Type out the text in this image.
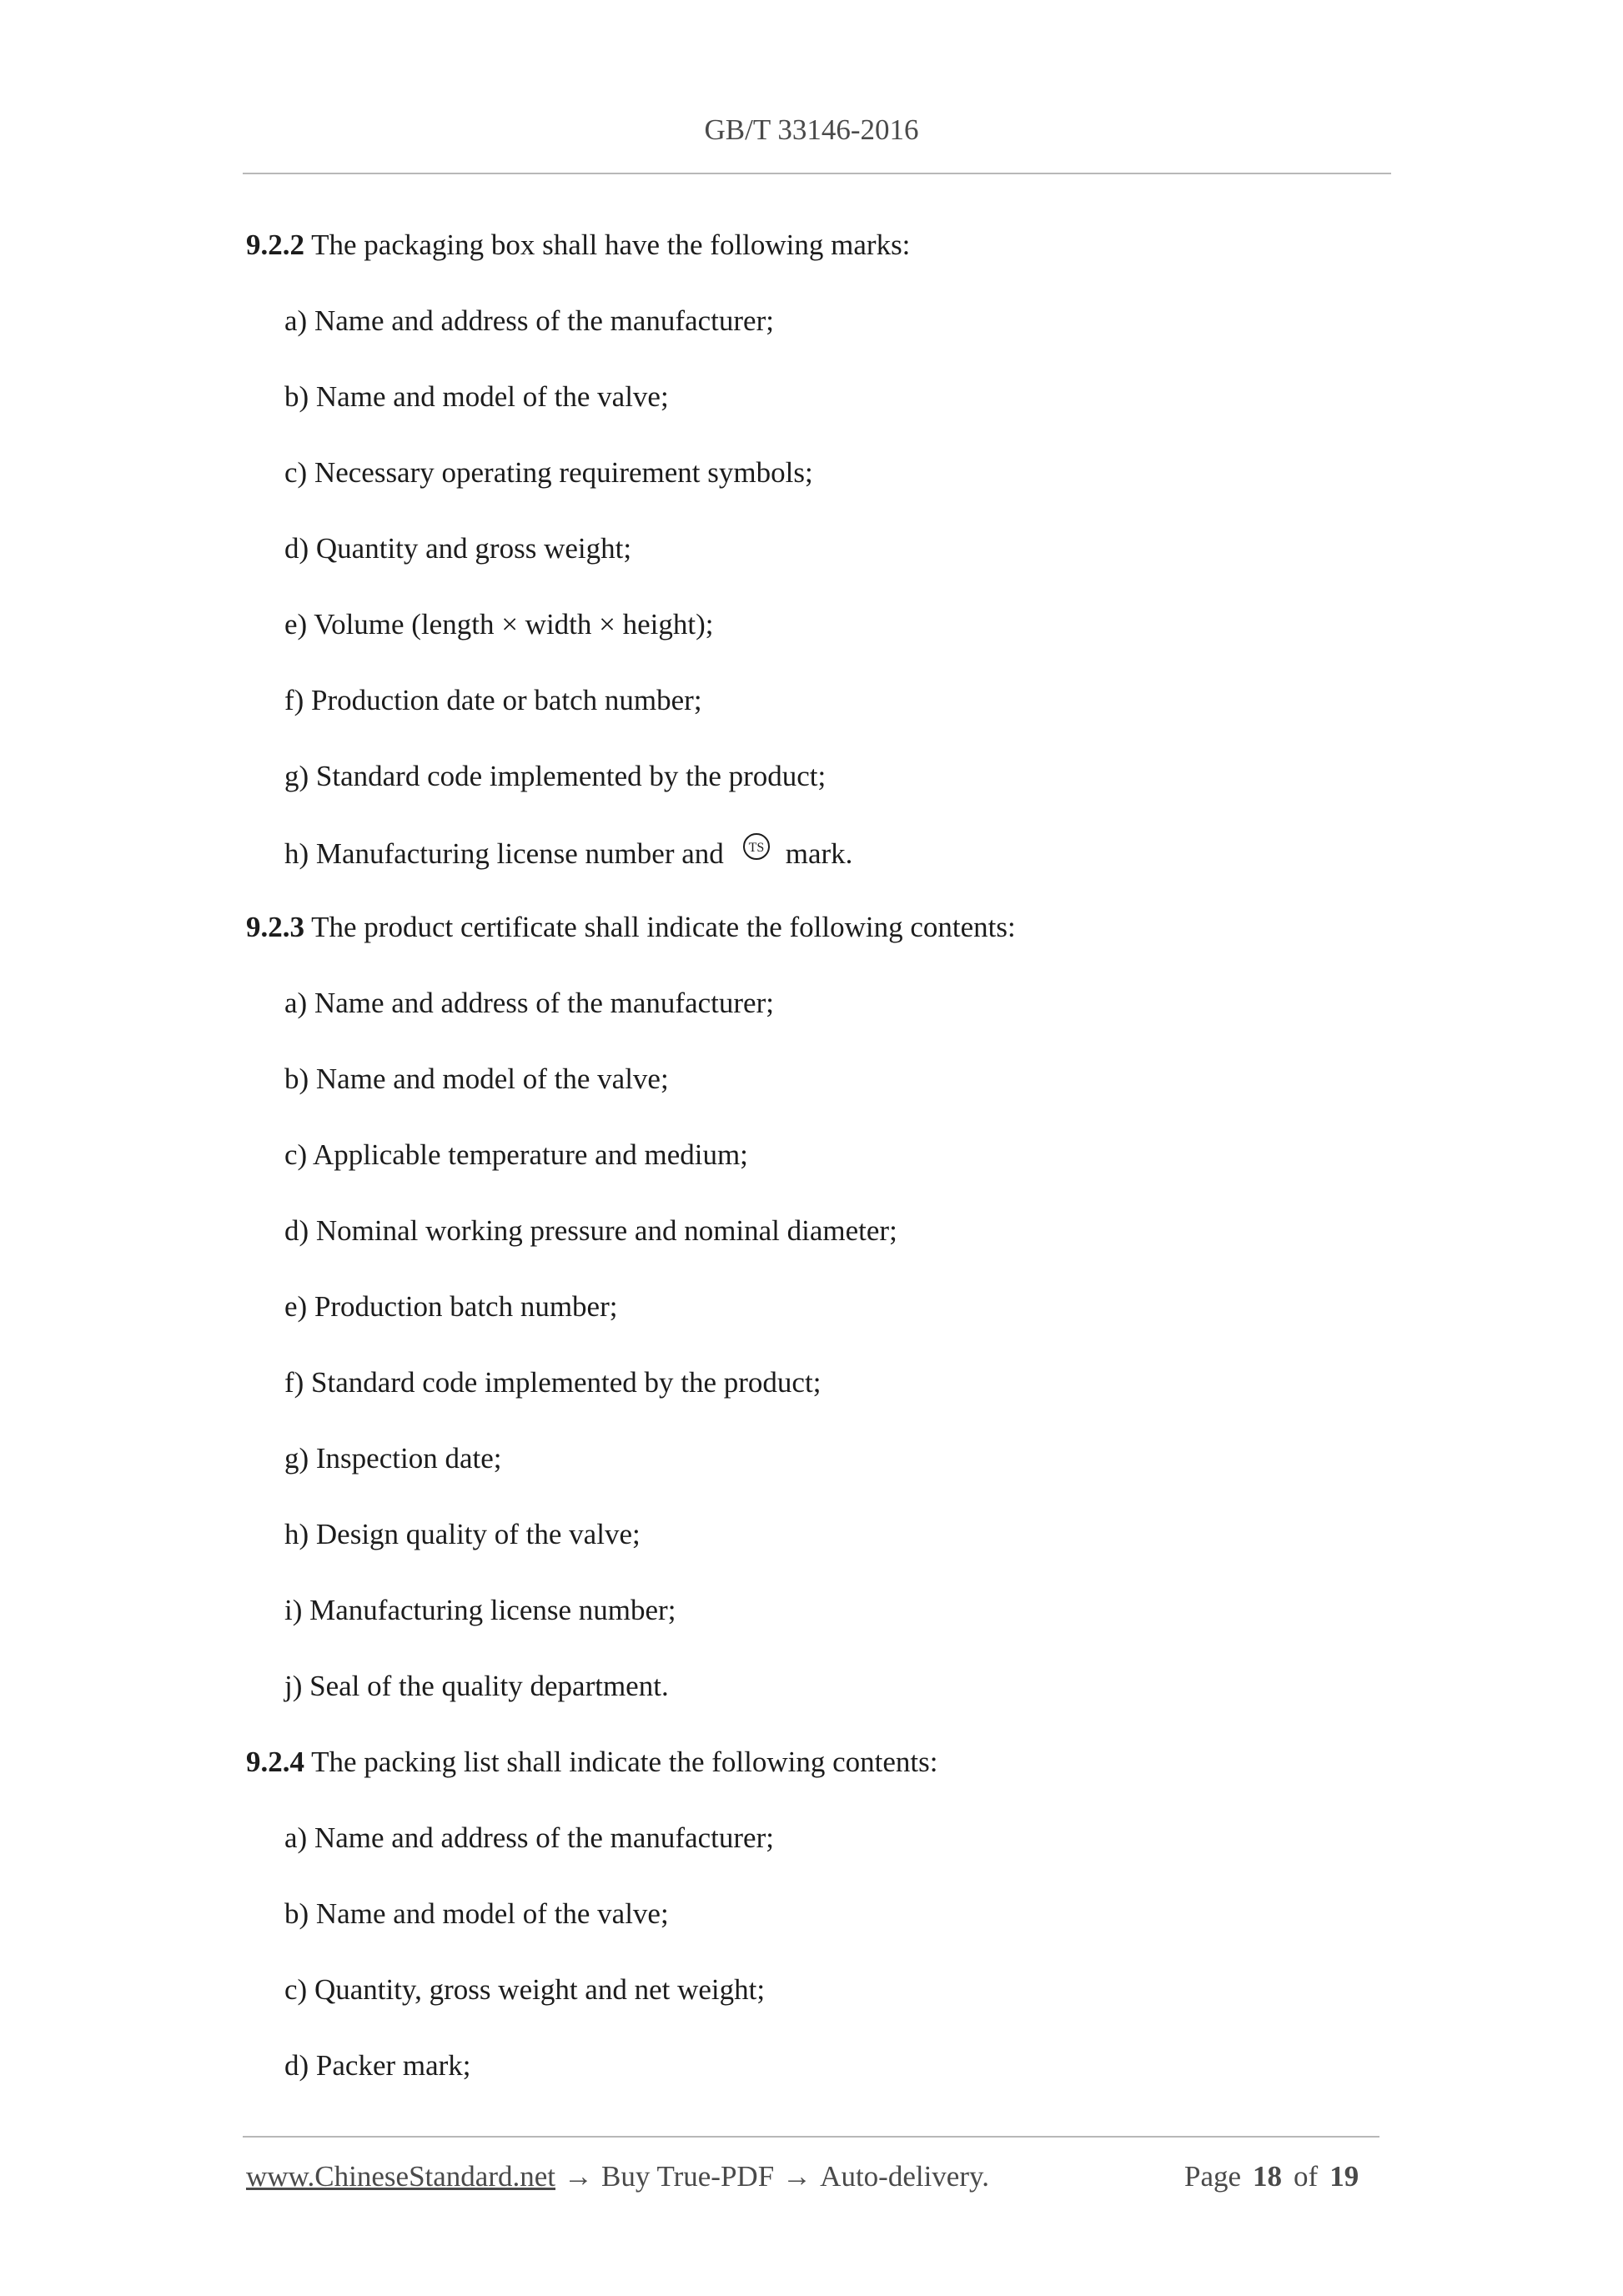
GB/T 33146-2016
9.2.2 The packaging box shall have the following marks:
a) Name and address of the manufacturer;
b) Name and model of the valve;
c) Necessary operating requirement symbols;
d) Quantity and gross weight;
e) Volume (length × width × height);
f) Production date or batch number;
g) Standard code implemented by the product;
h) Manufacturing license number and TS mark.
9.2.3 The product certificate shall indicate the following contents:
a) Name and address of the manufacturer;
b) Name and model of the valve;
c) Applicable temperature and medium;
d) Nominal working pressure and nominal diameter;
e) Production batch number;
f) Standard code implemented by the product;
g) Inspection date;
h) Design quality of the valve;
i) Manufacturing license number;
j) Seal of the quality department.
9.2.4 The packing list shall indicate the following contents:
a) Name and address of the manufacturer;
b) Name and model of the valve;
c) Quantity, gross weight and net weight;
d) Packer mark;
www.ChineseStandard.net → Buy True-PDF → Auto-delivery.	Page 18 of 19
